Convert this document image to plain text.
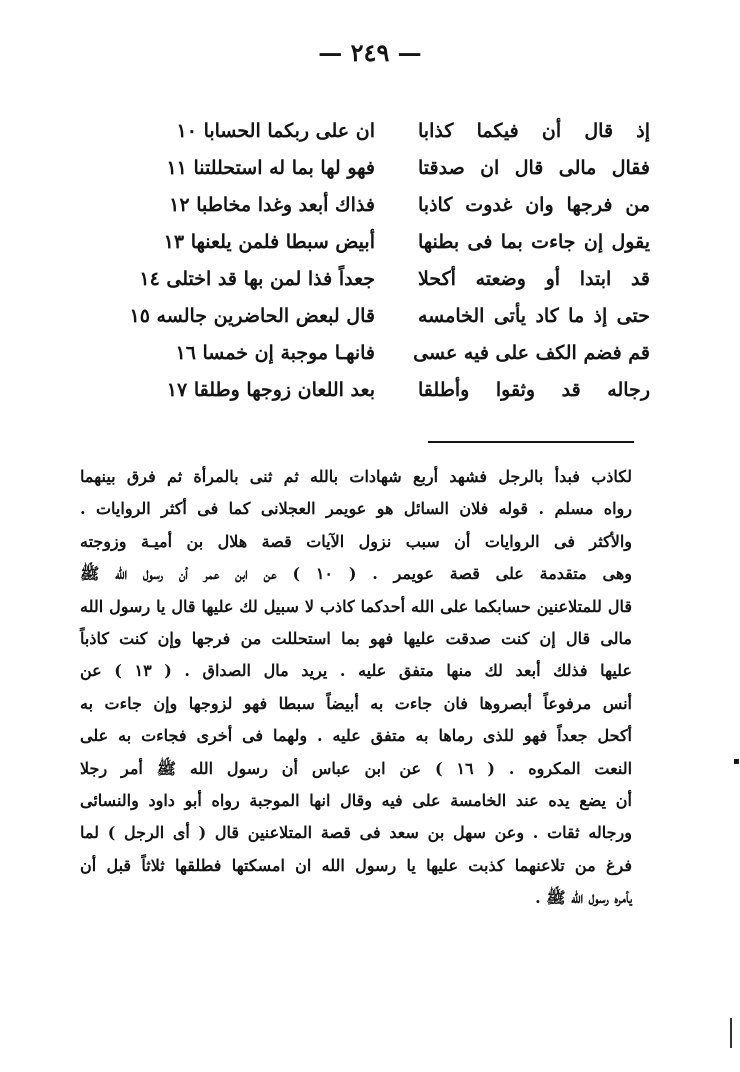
— ٢٤٩ —
إذ قال أن فيكما كذابا
ان على ربكما الحسابا ١٠
فقال مالى قال ان صدقتا
فهو لها بما له استحللتنا ١١
من فرجها وان غدوت كاذبا
فذاك أبعد وغدا مخاطبا ١٢
يقول إن جاءت بما فى بطنها
أبيض سبطا فلمن يلعنها ١٣
قد ابتدا أو وضعته أكحلا
جعداً فذا لمن بها قد اختلى ١٤
حتى إذ ما كاد يأتى الخامسه
قال لبعض الحاضرين جالسه ١٥
قم فضم الكف على فيه عسى
فانهـا موجبة إن خمسا ١٦
رجاله قد وثقوا وأطلقا
بعد اللعان زوجها وطلقا ١٧
لكاذب فبدأ بالرجل فشهد أربع شهادات بالله ثم ثنى بالمرأة ثم فرق بينهما
رواه مسلم . قوله فلان السائل هو عويمر العجلانى كما فى أكثر الروايات .
والأكثر فى الروايات أن سبب نزول الآيات قصة هلال بن أميـة وزوجته
وهى متقدمة على قصة عويمر . ( ١٠ ) عن ابن عمر أن رسول الله ﷺ
قال للمتلاعنين حسابكما على الله أحدكما كاذب لا سبيل لك عليها قال يا رسول الله
مالى قال إن كنت صدقت عليها فهو بما استحللت من فرجها وإن كنت كاذباً
عليها فذلك أبعد لك منها متفق عليه . يريد مال الصداق . ( ١٣ ) عن
أنس مرفوعاً أبصروها فان جاءت به أبيضاً سبطا فهو لزوجها وإن جاءت به
أكحل جعداً فهو للذى رماها به متفق عليه . ولهما فى أخرى فجاءت به على
النعت المكروه . ( ١٦ ) عن ابن عباس أن رسول الله ﷺ أمر رجلا
أن يضع يده عند الخامسة على فيه وقال انها الموجبة رواه أبو داود والنسائى
ورجاله ثقات . وعن سهل بن سعد فى قصة المتلاعنين قال ( أى الرجل ) لما
فرغ من تلاعنهما كذبت عليها يا رسول الله ان امسكتها فطلقها ثلاثاً قبل أن
يأمره رسول الله ﷺ .
▪
